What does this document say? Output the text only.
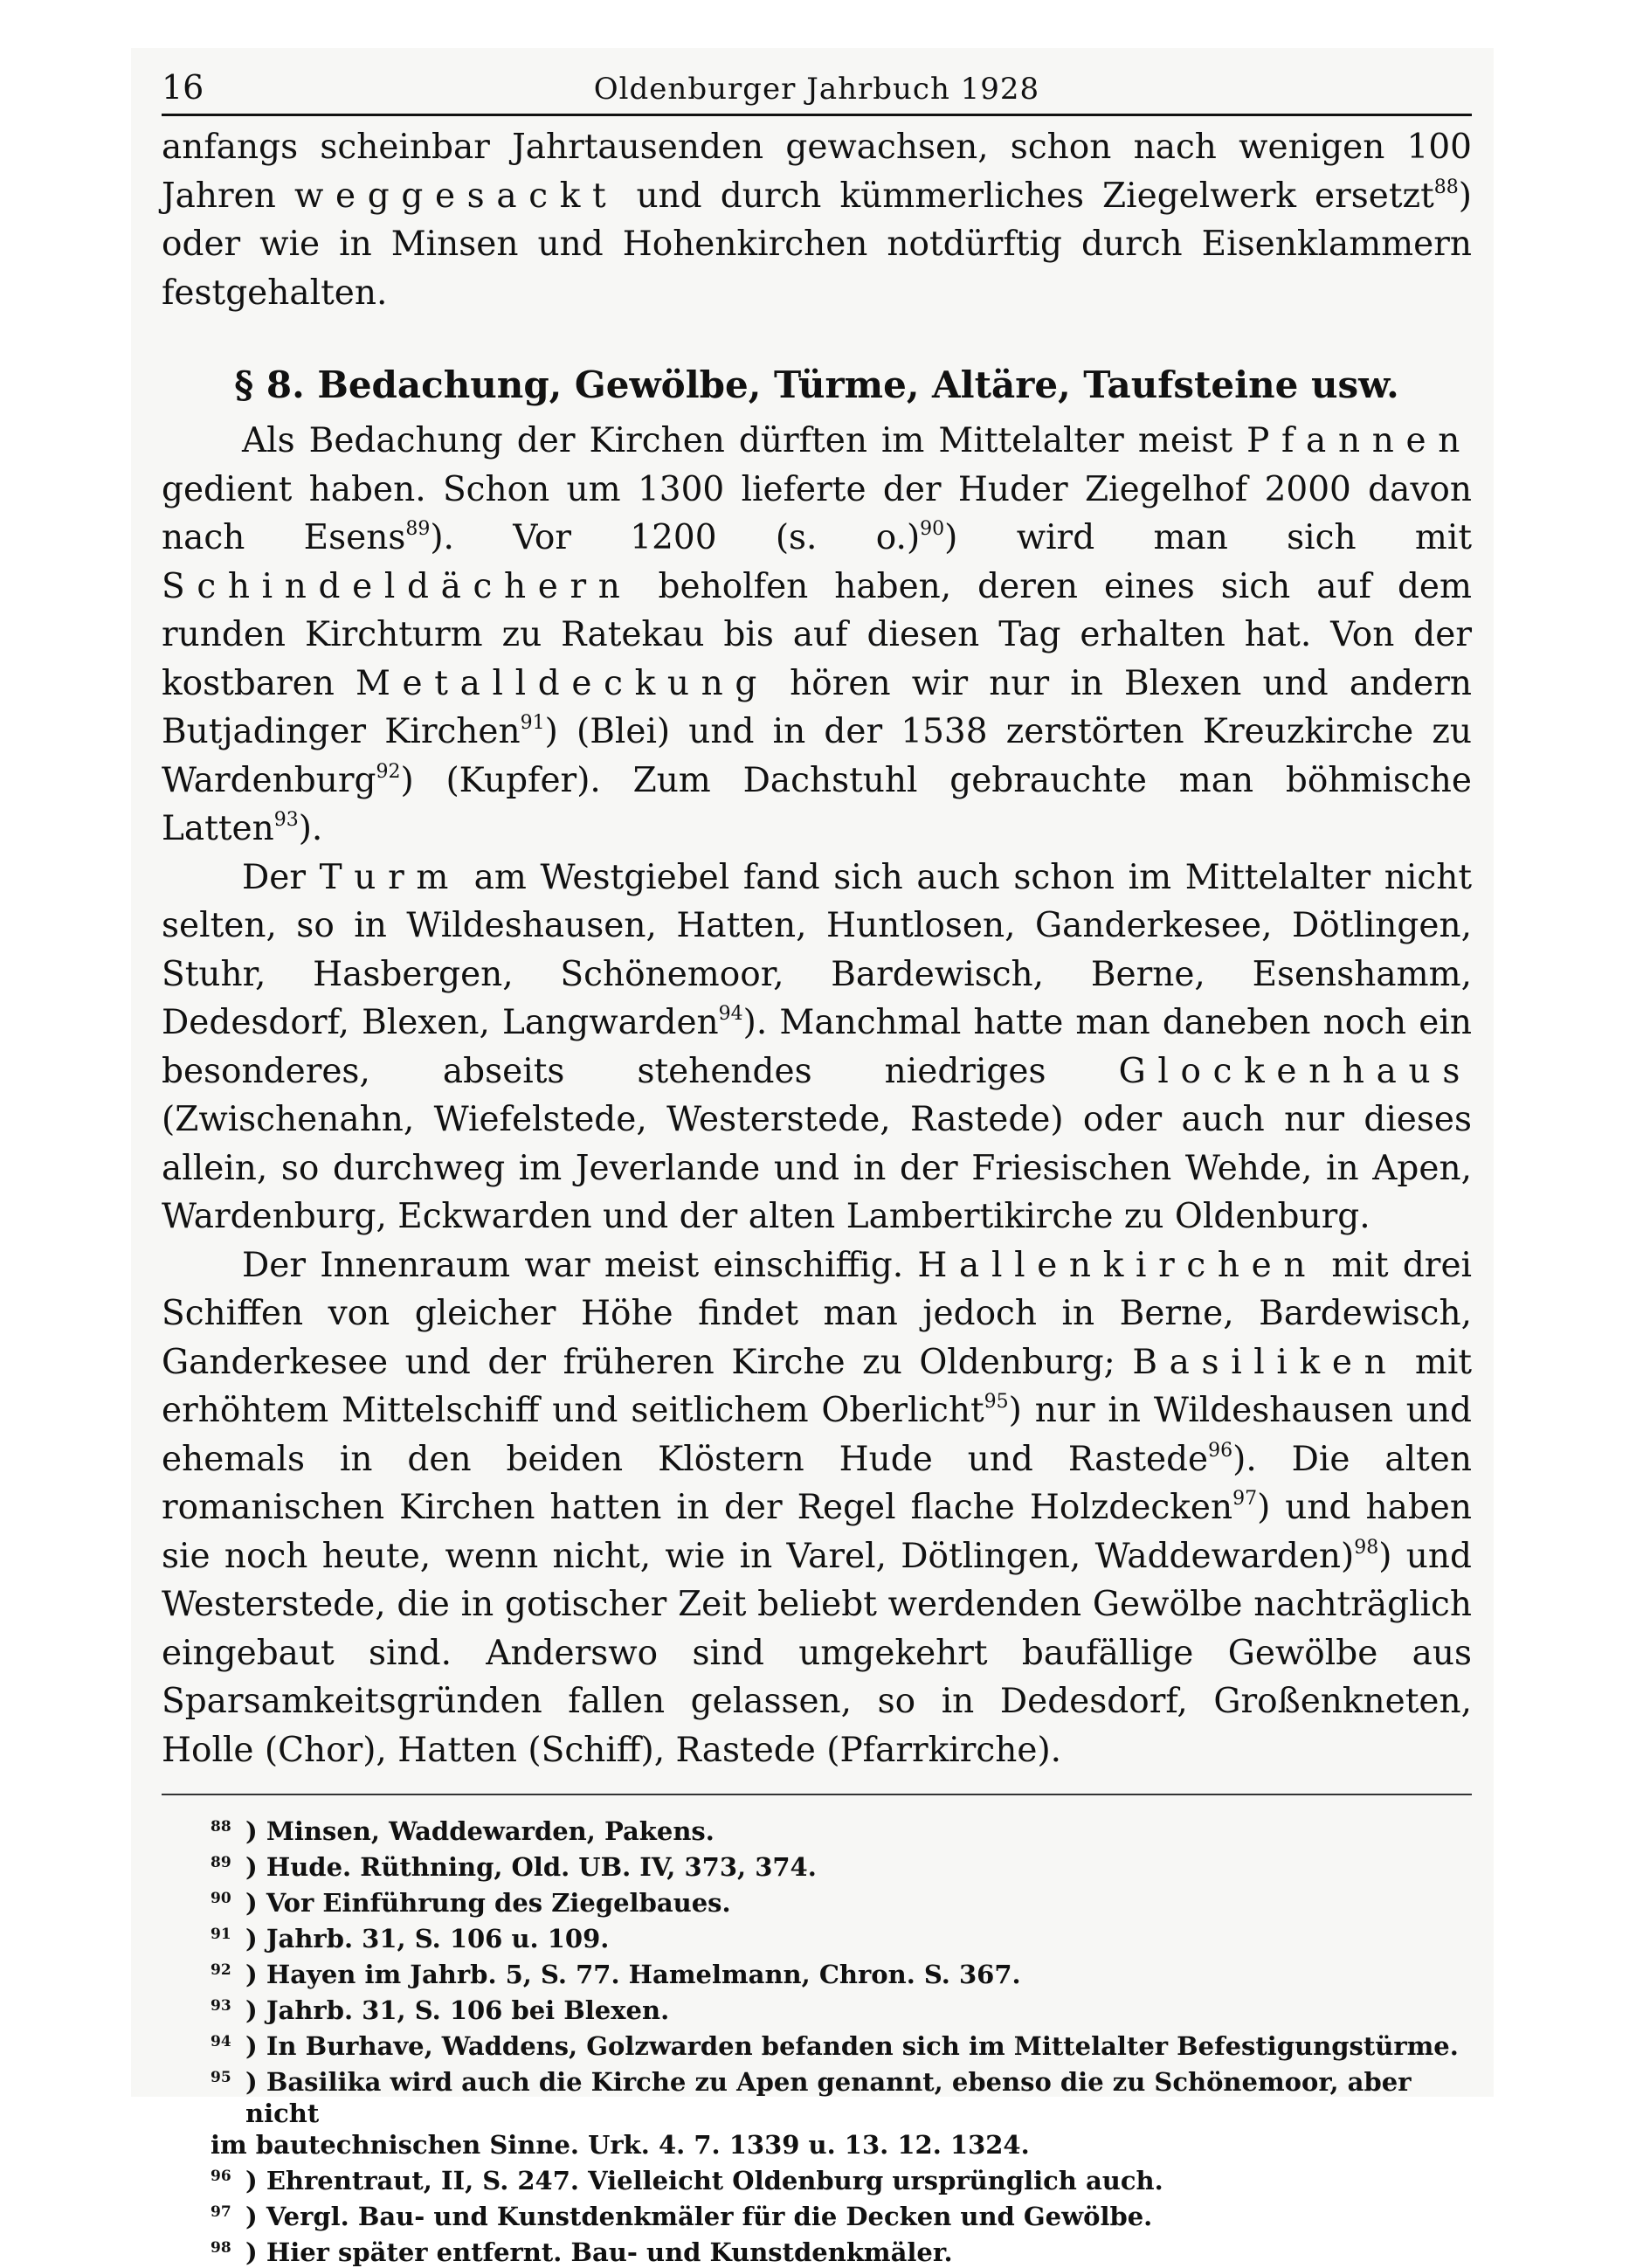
16	Oldenburger Jahrbuch 1928

anfangs scheinbar Jahrtausenden gewachsen, schon nach wenigen 100 Jahren weggesackt und durch kümmerliches Ziegelwerk ersetzt$^{88}$) oder wie in Minsen und Hohenkirchen notdürftig durch Eisenklammern festgehalten.

§ 8. Bedachung, Gewölbe, Türme, Altäre, Taufsteine usw.

Als Bedachung der Kirchen dürften im Mittelalter meist Pfannen gedient haben. Schon um 1300 lieferte der Huder Ziegelhof 2000 davon nach Esens$^{89}$). Vor 1200 (s. o.)$^{90}$) wird man sich mit Schindeldächern beholfen haben, deren eines sich auf dem runden Kirchturm zu Ratekau bis auf diesen Tag erhalten hat. Von der kostbaren Metalldeckung hören wir nur in Blexen und andern Butjadinger Kirchen$^{91}$) (Blei) und in der 1538 zerstörten Kreuzkirche zu Wardenburg$^{92}$) (Kupfer). Zum Dachstuhl gebrauchte man böhmische Latten$^{93}$).

Der Turm am Westgiebel fand sich auch schon im Mittelalter nicht selten, so in Wildeshausen, Hatten, Huntlosen, Ganderkesee, Dötlingen, Stuhr, Hasbergen, Schönemoor, Bardewisch, Berne, Esenshamm, Dedesdorf, Blexen, Langwarden$^{94}$). Manchmal hatte man daneben noch ein besonderes, abseits stehendes niedriges Glockenhaus (Zwischenahn, Wiefelstede, Westerstede, Rastede) oder auch nur dieses allein, so durchweg im Jeverlande und in der Friesischen Wehde, in Apen, Wardenburg, Eckwarden und der alten Lambertikirche zu Oldenburg.

Der Innenraum war meist einschiffig. Hallenkirchen mit drei Schiffen von gleicher Höhe findet man jedoch in Berne, Bardewisch, Ganderkesee und der früheren Kirche zu Oldenburg; Basiliken mit erhöhtem Mittelschiff und seitlichem Oberlicht$^{95}$) nur in Wildeshausen und ehemals in den beiden Klöstern Hude und Rastede$^{96}$). Die alten romanischen Kirchen hatten in der Regel flache Holzdecken$^{97}$) und haben sie noch heute, wenn nicht, wie in Varel, Dötlingen, Waddewarden)$^{98}$) und Westerstede, die in gotischer Zeit beliebt werdenden Gewölbe nachträglich eingebaut sind. Anderswo sind umgekehrt baufällige Gewölbe aus Sparsamkeitsgründen fallen gelassen, so in Dedesdorf, Großenkneten, Holle (Chor), Hatten (Schiff), Rastede (Pfarrkirche).

88 ) Minsen, Waddewarden, Pakens.

89 ) Hude. Rüthning, Old. UB. IV, 373, 374.

90 ) Vor Einführung des Ziegelbaues.

91 ) Jahrb. 31, S. 106 u. 109.

92 ) Hayen im Jahrb. 5, S. 77. Hamelmann, Chron. S. 367.

93 ) Jahrb. 31, S. 106 bei Blexen.

94 ) In Burhave, Waddens, Golzwarden befanden sich im Mittelalter Befestigungstürme.

95 ) Basilika wird auch die Kirche zu Apen genannt, ebenso die zu Schönemoor, aber nicht

im bautechnischen Sinne. Urk. 4. 7. 1339 u. 13. 12. 1324.

96 ) Ehrentraut, II, S. 247. Vielleicht Oldenburg ursprünglich auch.

97 ) Vergl. Bau- und Kunstdenkmäler für die Decken und Gewölbe.

98 ) Hier später entfernt. Bau- und Kunstdenkmäler.
